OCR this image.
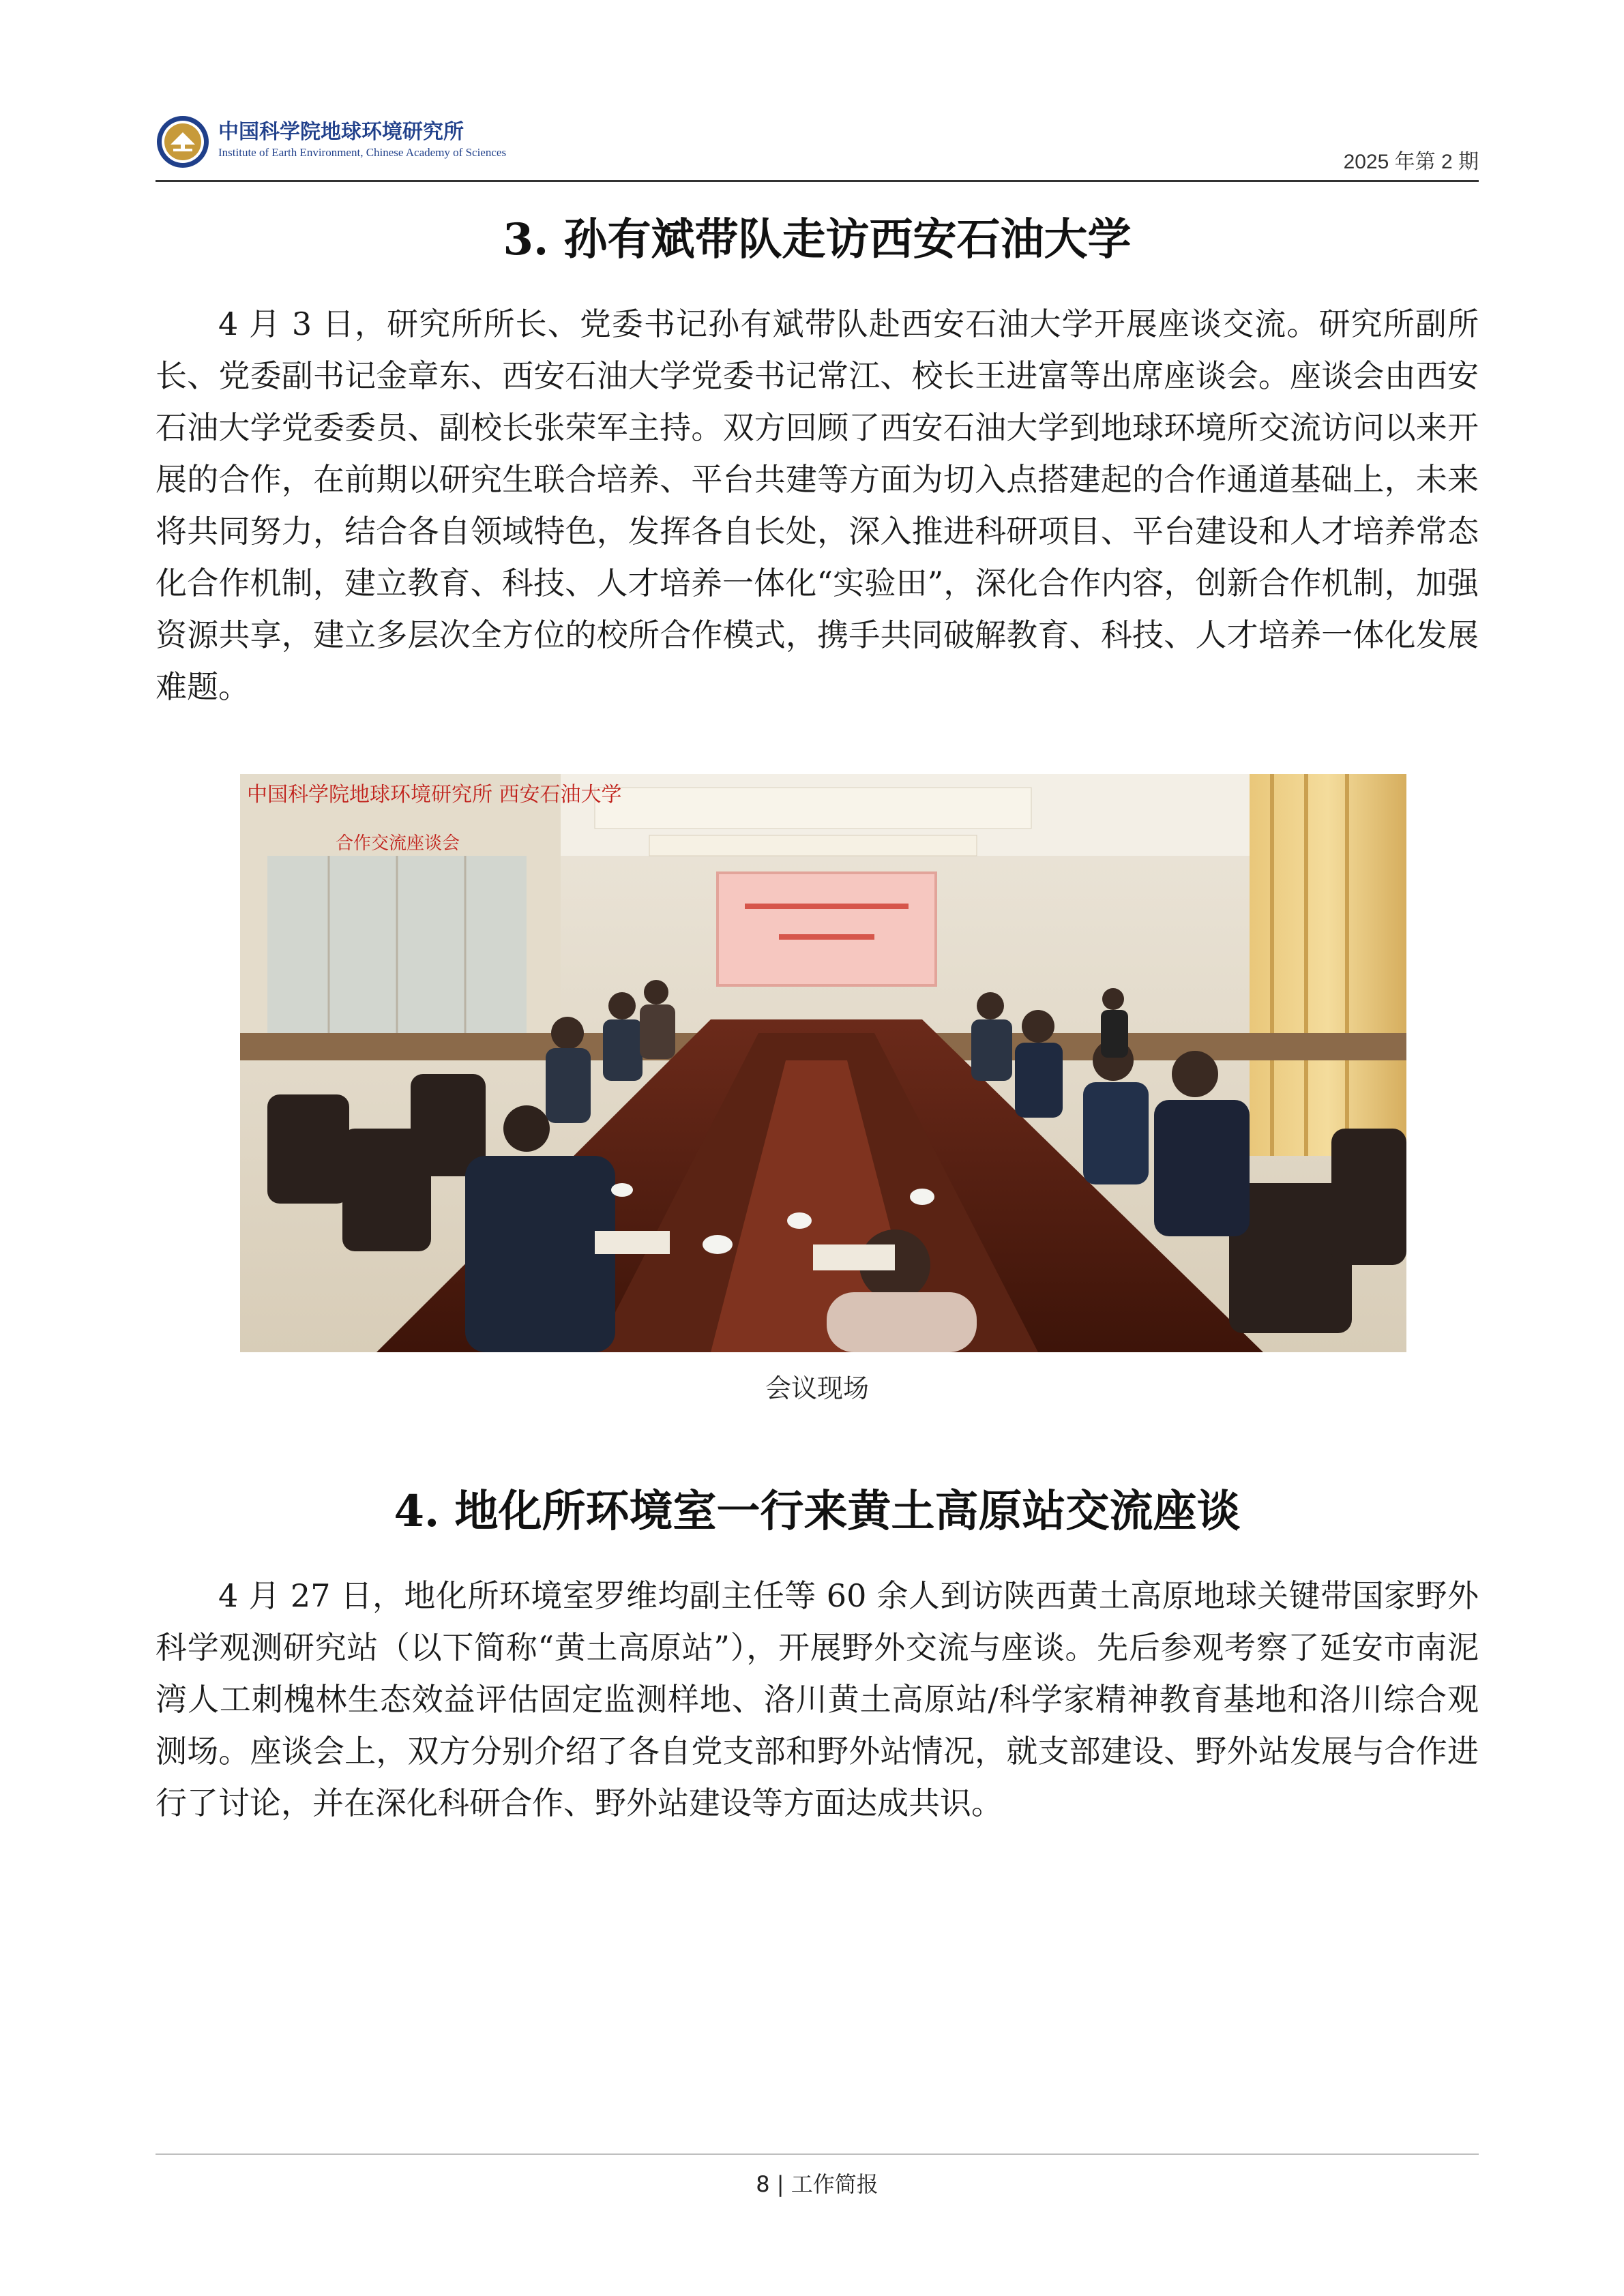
中国科学院地球环境研究所
Institute of Earth Environment, Chinese Academy of Sciences	2025 年第 2 期
3. 孙有斌带队走访西安石油大学
4 月 3 日，研究所所长、党委书记孙有斌带队赴西安石油大学开展座谈交流。研究所副所长、党委副书记金章东、西安石油大学党委书记常江、校长王进富等出席座谈会。座谈会由西安石油大学党委委员、副校长张荣军主持。双方回顾了西安石油大学到地球环境所交流访问以来开展的合作，在前期以研究生联合培养、平台共建等方面为切入点搭建起的合作通道基础上，未来将共同努力，结合各自领域特色，发挥各自长处，深入推进科研项目、平台建设和人才培养常态化合作机制，建立教育、科技、人才培养一体化“实验田”，深化合作内容，创新合作机制，加强资源共享，建立多层次全方位的校所合作模式，携手共同破解教育、科技、人才培养一体化发展难题。
中国科学院地球环境研究所 西安石油大学
合作交流座谈会
会议现场
4. 地化所环境室一行来黄土高原站交流座谈
4 月 27 日，地化所环境室罗维均副主任等 60 余人到访陕西黄土高原地球关键带国家野外科学观测研究站（以下简称“黄土高原站”），开展野外交流与座谈。先后参观考察了延安市南泥湾人工刺槐林生态效益评估固定监测样地、洛川黄土高原站/科学家精神教育基地和洛川综合观测场。座谈会上，双方分别介绍了各自党支部和野外站情况，就支部建设、野外站发展与合作进行了讨论，并在深化科研合作、野外站建设等方面达成共识。
8 | 工作简报
